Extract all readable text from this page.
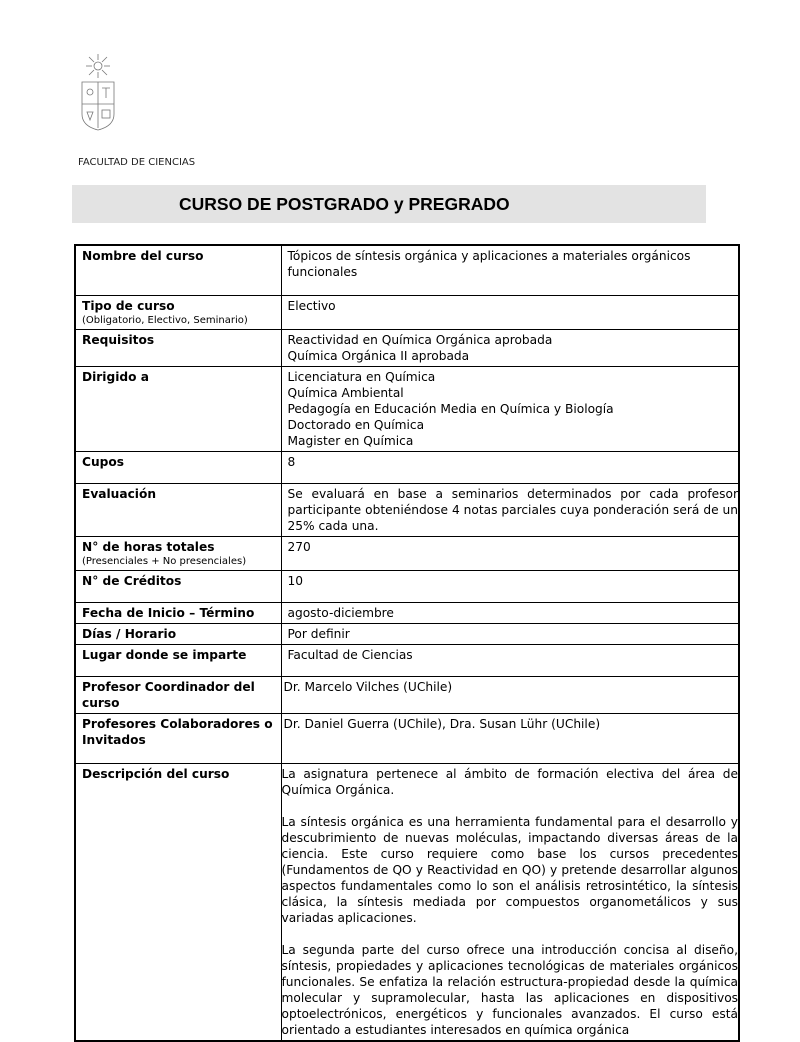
FACULTAD DE CIENCIAS
CURSO DE POSTGRADO y PREGRADO
Nombre del curso	Tópicos de síntesis orgánica y aplicaciones a materiales orgánicos funcionales

Tipo de curso
(Obligatorio, Electivo, Seminario)	Electivo
Requisitos	Reactividad en Química Orgánica aprobada
Química Orgánica II aprobada

Dirigido a	Licenciatura en Química
Química Ambiental
Pedagogía en Educación Media en Química y Biología
Doctorado en Química
Magister en Química

Cupos	8
Evaluación	Se evaluará en base a seminarios determinados por cada profesor participante obteniéndose 4 notas parciales cuya ponderación será de un 25% cada una.

N° de horas totales
(Presenciales + No presenciales)	270
N° de Créditos	10
Fecha de Inicio – Término	agosto-diciembre
Días / Horario	Por definir
Lugar donde se imparte	Facultad de Ciencias
Profesor Coordinador del curso	Dr. Marcelo Vilches (UChile)
Profesores Colaboradores o Invitados	Dr. Daniel Guerra (UChile), Dra. Susan Lühr (UChile)
Descripción del curso	La asignatura pertenece al ámbito de formación electiva del área de Química Orgánica.

La síntesis orgánica es una herramienta fundamental para el desarrollo y descubrimiento de nuevas moléculas, impactando diversas áreas de la ciencia. Este curso requiere como base los cursos precedentes (Fundamentos de QO y Reactividad en QO) y pretende desarrollar algunos aspectos fundamentales como lo son el análisis retrosintético, la síntesis clásica, la síntesis mediada por compuestos organometálicos y sus variadas aplicaciones.

La segunda parte del curso ofrece una introducción concisa al diseño, síntesis, propiedades y aplicaciones tecnológicas de materiales orgánicos funcionales. Se enfatiza la relación estructura-propiedad desde la química molecular y supramolecular, hasta las aplicaciones en dispositivos optoelectrónicos, energéticos y funcionales avanzados. El curso está orientado a estudiantes interesados en química orgánica
